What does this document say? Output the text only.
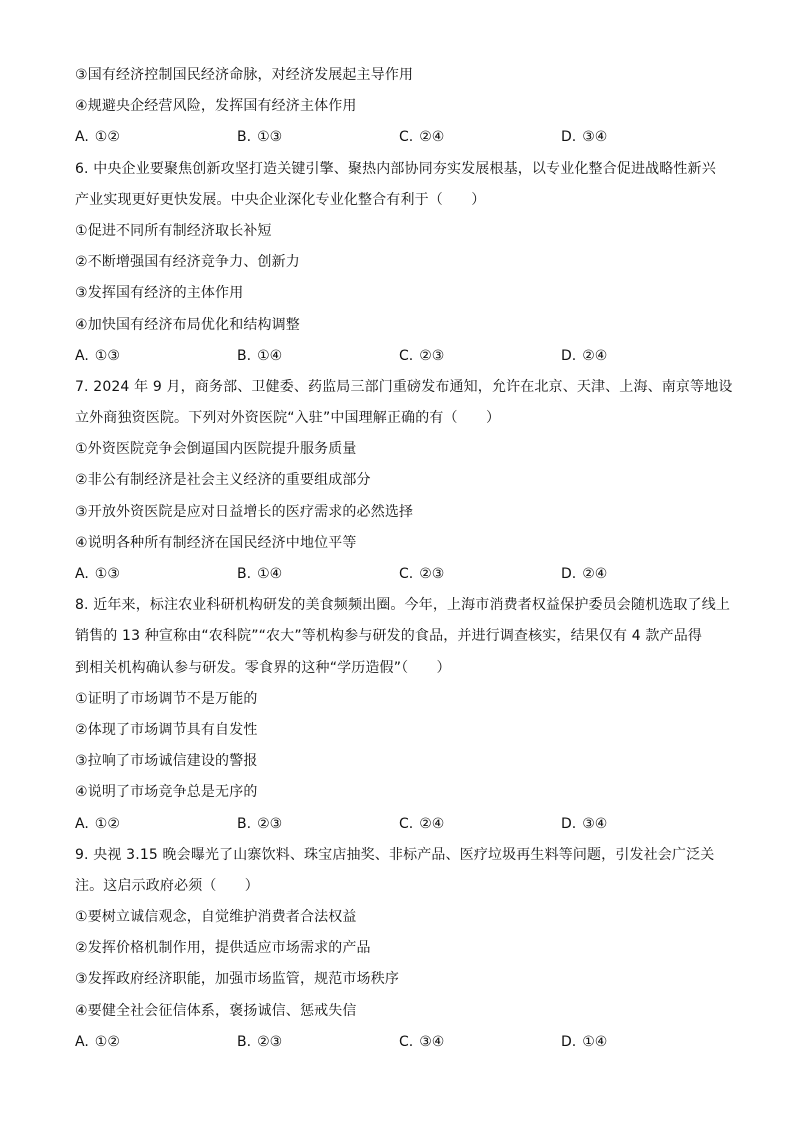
③国有经济控制国民经济命脉，对经济发展起主导作用
④规避央企经营风险，发挥国有经济主体作用
A. ①②	B. ①③	C. ②④	D. ③④
6. 中央企业要聚焦创新攻坚打造关键引擎、聚热内部协同夯实发展根基，以专业化整合促进战略性新兴
产业实现更好更快发展。中央企业深化专业化整合有利于（　　）
①促进不同所有制经济取长补短
②不断增强国有经济竞争力、创新力
③发挥国有经济的主体作用
④加快国有经济布局优化和结构调整
A. ①③	B. ①④	C. ②③	D. ②④
7. 2024 年 9 月，商务部、卫健委、药监局三部门重磅发布通知，允许在北京、天津、上海、南京等地设
立外商独资医院。下列对外资医院“入驻”中国理解正确的有（　　）
①外资医院竞争会倒逼国内医院提升服务质量
②非公有制经济是社会主义经济的重要组成部分
③开放外资医院是应对日益增长的医疗需求的必然选择
④说明各种所有制经济在国民经济中地位平等
A. ①③	B. ①④	C. ②③	D. ②④
8. 近年来，标注农业科研机构研发的美食频频出圈。今年，上海市消费者权益保护委员会随机选取了线上
销售的 13 种宣称由“农科院”“农大”等机构参与研发的食品，并进行调查核实，结果仅有 4 款产品得
到相关机构确认参与研发。零食界的这种“学历造假”（　　）
①证明了市场调节不是万能的
②体现了市场调节具有自发性
③拉响了市场诚信建设的警报
④说明了市场竞争总是无序的
A. ①②	B. ②③	C. ②④	D. ③④
9. 央视 3.15 晚会曝光了山寨饮料、珠宝店抽奖、非标产品、医疗垃圾再生料等问题，引发社会广泛关
注。这启示政府必须（　　）
①要树立诚信观念，自觉维护消费者合法权益
②发挥价格机制作用，提供适应市场需求的产品
③发挥政府经济职能，加强市场监管，规范市场秩序
④要健全社会征信体系，褒扬诚信、惩戒失信
A. ①②	B. ②③	C. ③④	D. ①④
